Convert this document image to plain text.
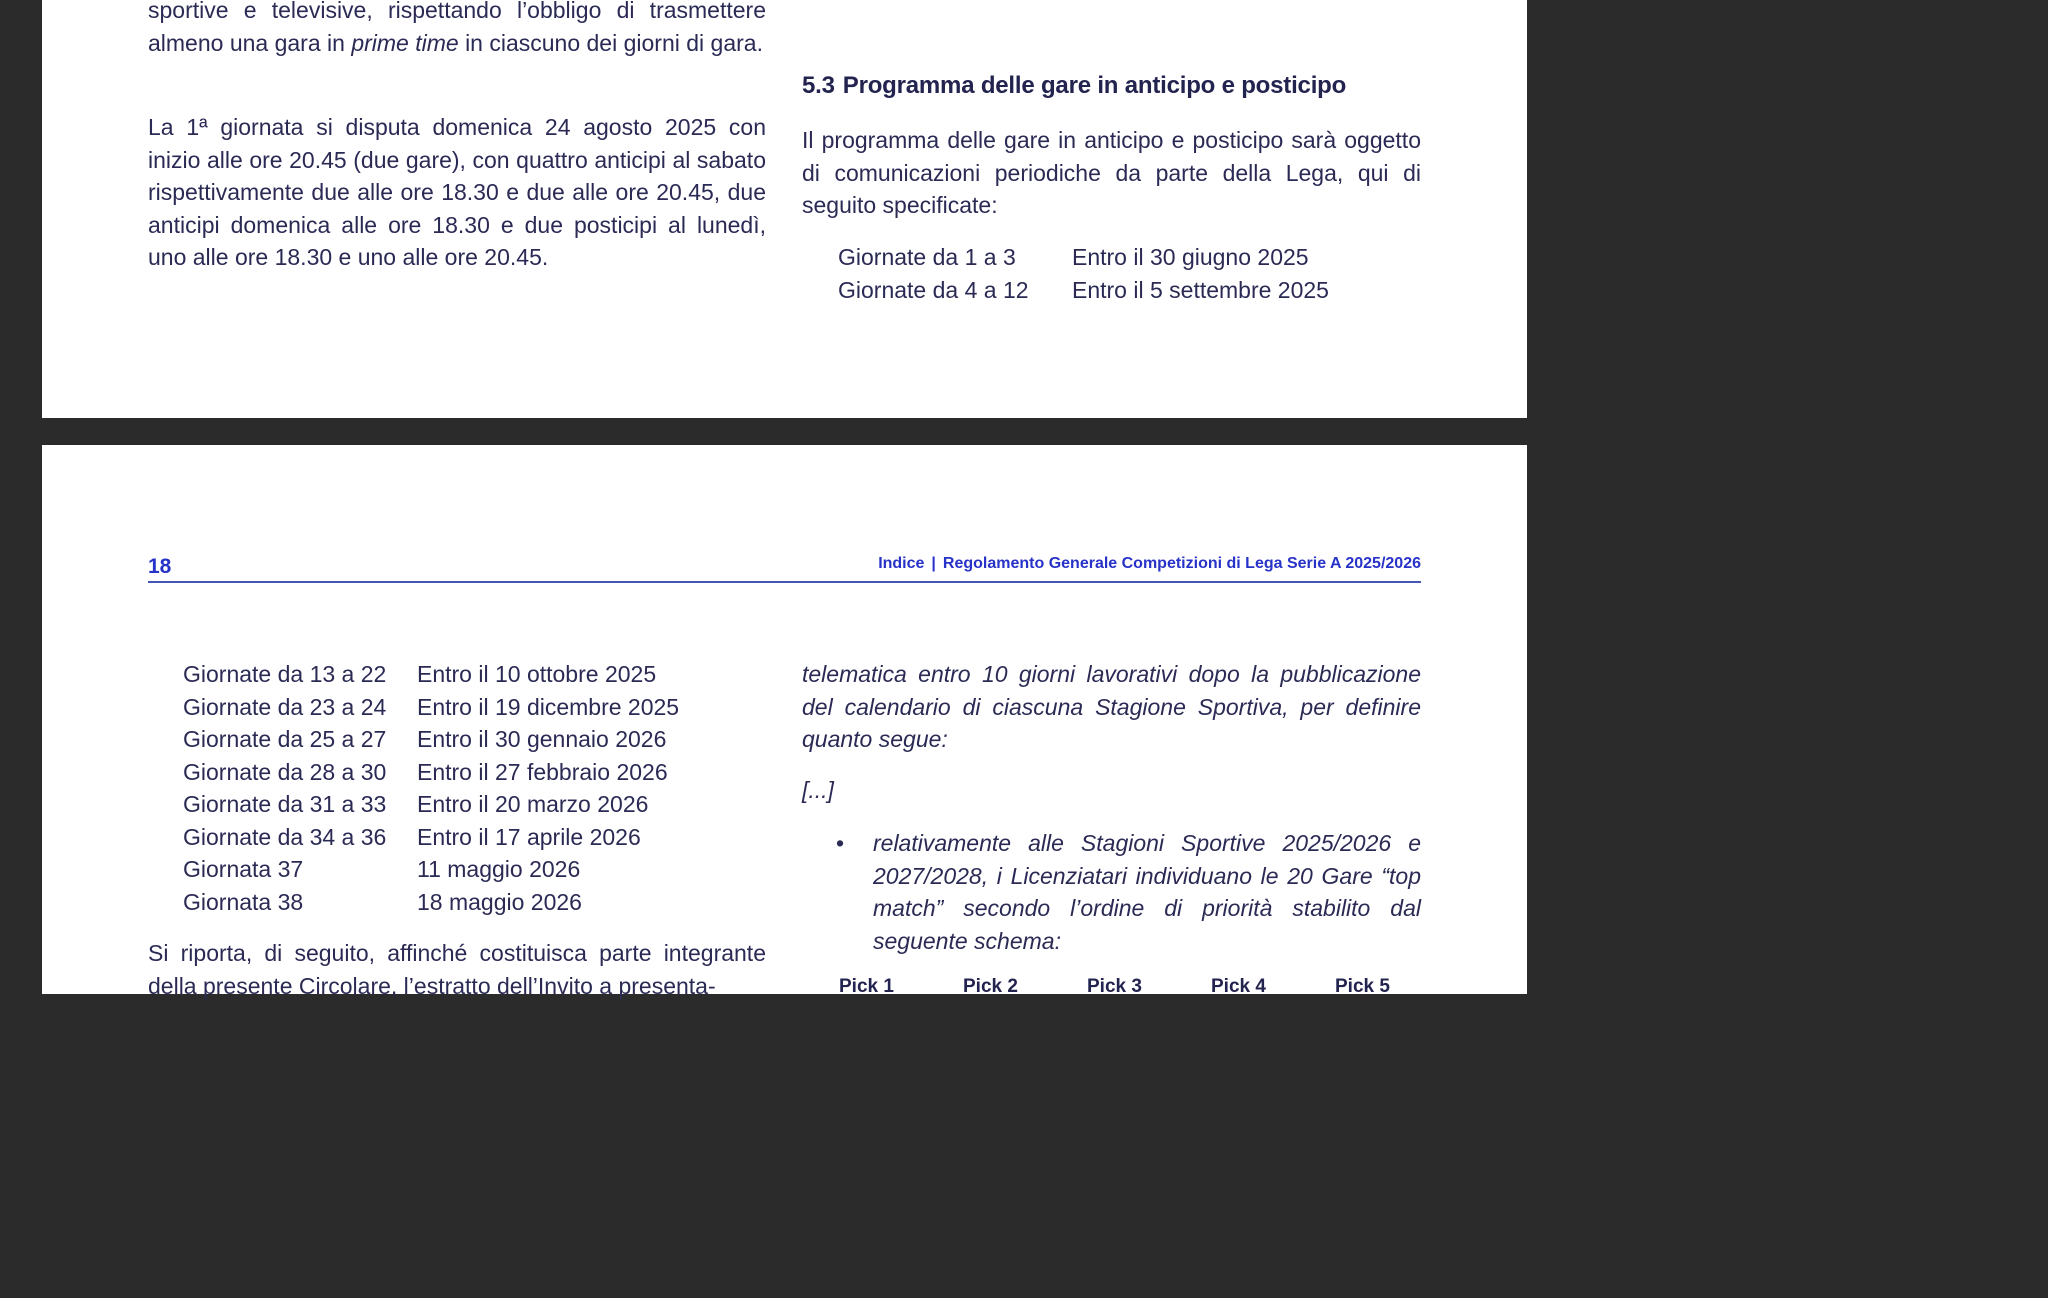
sportive e televisive, rispettando l’obbligo di trasmettere almeno una gara in prime time in ciascuno dei giorni di gara.

La 1ª giornata si disputa domenica 24 agosto 2025 con inizio alle ore 20.45 (due gare), con quattro anticipi al sabato rispettivamente due alle ore 18.30 e due alle ore 20.45, due anticipi domenica alle ore 18.30 e due posticipi al lunedì, uno alle ore 18.30 e uno alle ore 20.45.

5.3 Programma delle gare in anticipo e posticipo

Il programma delle gare in anticipo e posticipo sarà oggetto di comunicazioni periodiche da parte della Lega, qui di seguito specificate:

Giornate da 1 a 3	Entro il 30 giugno 2025
Giornate da 4 a 12	Entro il 5 settembre 2025
18	Indice | Regolamento Generale Competizioni di Lega Serie A 2025/2026
Giornate da 13 a 22	Entro il 10 ottobre 2025
Giornate da 23 a 24	Entro il 19 dicembre 2025
Giornate da 25 a 27	Entro il 30 gennaio 2026
Giornate da 28 a 30	Entro il 27 febbraio 2026
Giornate da 31 a 33	Entro il 20 marzo 2026
Giornate da 34 a 36	Entro il 17 aprile 2026
Giornata 37	11 maggio 2026
Giornata 38	18 maggio 2026

Si riporta, di seguito, affinché costituisca parte integrante della presente Circolare, l’estratto dell’Invito a presenta-

telematica entro 10 giorni lavorativi dopo la pubblicazione del calendario di ciascuna Stagione Sportiva, per definire quanto segue:

[...]

• relativamente alle Stagioni Sportive 2025/2026 e 2027/2028, i Licenziatari individuano le 20 Gare “top match” secondo l’ordine di priorità stabilito dal seguente schema:
Pick 1	Pick 2	Pick 3	Pick 4	Pick 5
